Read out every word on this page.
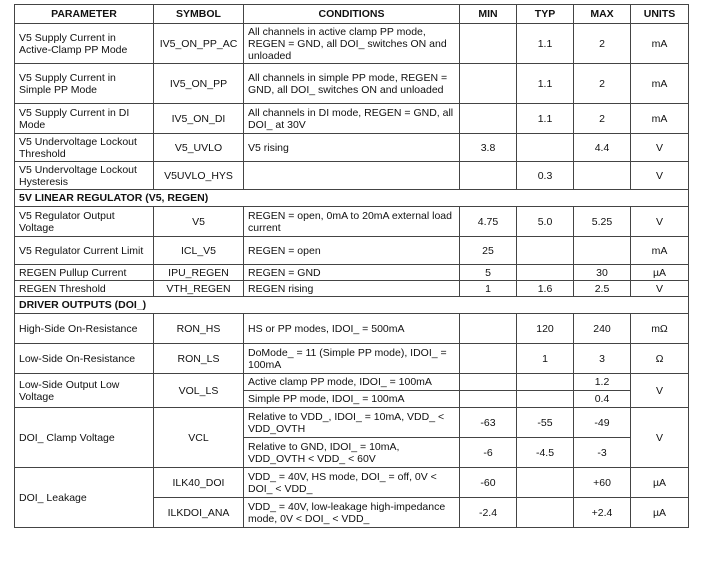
PARAMETER	SYMBOL	CONDITIONS	MIN	TYP	MAX	UNITS
V5 Supply Current in Active-Clamp PP Mode	IV5_ON_PP_AC	All channels in active clamp PP mode, REGEN = GND, all DOI_ switches ON and unloaded		1.1	2	mA
V5 Supply Current in Simple PP Mode	IV5_ON_PP	All channels in simple PP mode, REGEN = GND, all DOI_ switches ON and unloaded		1.1	2	mA
V5 Supply Current in DI Mode	IV5_ON_DI	All channels in DI mode, REGEN = GND, all DOI_ at 30V		1.1	2	mA
V5 Undervoltage Lockout Threshold	V5_UVLO	V5 rising	3.8		4.4	V
V5 Undervoltage Lockout Hysteresis	V5UVLO_HYS			0.3		V
5V LINEAR REGULATOR (V5, REGEN)						
V5 Regulator Output Voltage	V5	REGEN = open, 0mA to 20mA external load current	4.75	5.0	5.25	V
V5 Regulator Current Limit	ICL_V5	REGEN = open	25			mA
REGEN Pullup Current	IPU_REGEN	REGEN = GND	5		30	µA
REGEN Threshold	VTH_REGEN	REGEN rising	1	1.6	2.5	V
DRIVER OUTPUTS (DOI_)						
High-Side On-Resistance	RON_HS	HS or PP modes, IDOI_ = 500mA		120	240	mΩ
Low-Side On-Resistance	RON_LS	DoMode_ = 11 (Simple PP mode), IDOI_ = 100mA		1	3	Ω
Low-Side Output Low Voltage	VOL_LS	Active clamp PP mode, IDOI_ = 100mA			1.2	V
		Simple PP mode, IDOI_ = 100mA			0.4	
DOI_ Clamp Voltage	VCL	Relative to VDD_, IDOI_ = 10mA, VDD_ < VDD_OVTH	-63	-55	-49	V
		Relative to GND, IDOI_ = 10mA, VDD_OVTH < VDD_ < 60V	-6	-4.5	-3	
DOI_ Leakage	ILK40_DOI	VDD_ = 40V, HS mode, DOI_ = off, 0V < DOI_ < VDD_	-60		+60	µA
	ILKDOI_ANA	VDD_ = 40V, low-leakage high-impedance mode, 0V < DOI_ < VDD_	-2.4		+2.4	µA
